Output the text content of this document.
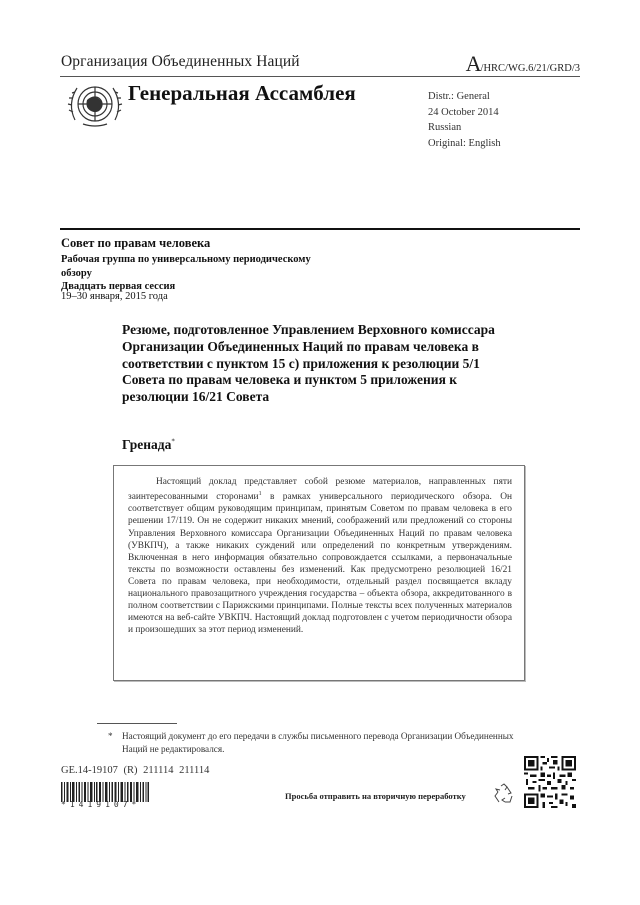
Организация Объединенных Наций	A/HRC/WG.6/21/GRD/3
Генеральная Ассамблея	Distr.: General
24 October 2014
Russian
Original: English
Совет по правам человека
Рабочая группа по универсальному периодическому обзору
Двадцать первая сессия
19–30 января, 2015 года
Резюме, подготовленное Управлением Верховного комиссара Организации Объединенных Наций по правам человека в соответствии с пунктом 15 c) приложения к резолюции 5/1 Совета по правам человека и пунктом 5 приложения к резолюции 16/21 Совета
Гренада*
Настоящий доклад представляет собой резюме материалов, направленных пяти заинтересованными сторонами$^1$ в рамках универсального периодического обзора. Он соответствует общим руководящим принципам, принятым Советом по правам человека в его решении 17/119. Он не содержит никаких мнений, соображений или предложений со стороны Управления Верховного комиссара Организации Объединенных Наций по правам человека (УВКПЧ), а также никаких суждений или определений по конкретным утверждениям. Включенная в него информация обязательно сопровождается ссылками, а первоначальные тексты по возможности оставлены без изменений. Как предусмотрено резолюцией 16/21 Совета по правам человека, при необходимости, отдельный раздел посвящается вкладу национального правозащитного учреждения государства – объекта обзора, аккредитованного в полном соответствии с Парижскими принципами. Полные тексты всех полученных материалов имеются на веб-сайте УВКПЧ. Настоящий доклад подготовлен с учетом периодичности обзора и произошедших за этот период изменений.
*	Настоящий документ до его передачи в службы письменного перевода Организации Объединенных Наций не редактировался.
GE.14-19107 (R) 211114 211114
*1419107*
Просьба отправить на вторичную переработку
